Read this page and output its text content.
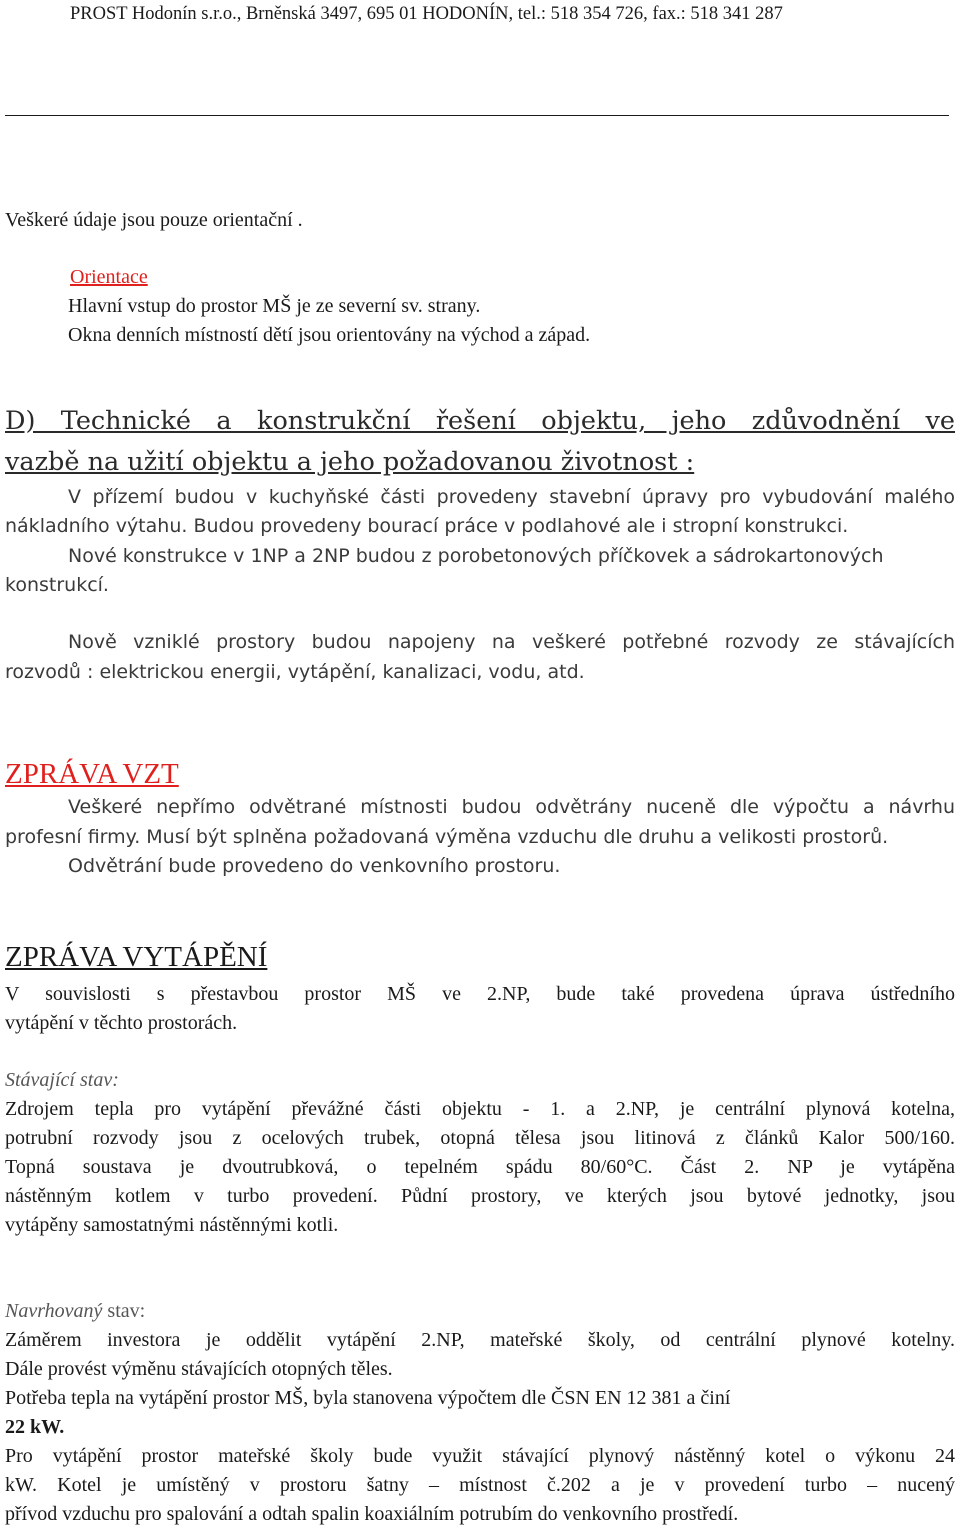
PROST Hodonín s.r.o., Brněnská 3497, 695 01 HODONÍN, tel.: 518 354 726, fax.: 518 341 287
Veškeré údaje jsou pouze orientační .
Orientace
Hlavní vstup do prostor MŠ je ze severní sv. strany.
Okna denních místností dětí jsou orientovány na východ a západ.
D) Technické a konstrukční řešení objektu, jeho zdůvodnění ve
vazbě na užití objektu a jeho požadovanou životnost :
V přízemí budou v kuchyňské části provedeny stavební úpravy pro vybudování malého
nákladního výtahu. Budou provedeny bourací práce v podlahové ale i stropní konstrukci.
Nové konstrukce v 1NP a 2NP budou z porobetonových příčkovek a sádrokartonových
konstrukcí.
Nově vzniklé prostory budou napojeny na veškeré potřebné rozvody ze stávajících
rozvodů : elektrickou energii, vytápění, kanalizaci, vodu, atd.
ZPRÁVA VZT
Veškeré nepřímo odvětrané místnosti budou odvětrány nuceně dle výpočtu a návrhu
profesní firmy. Musí být splněna požadovaná výměna vzduchu dle druhu a velikosti prostorů.
Odvětrání bude provedeno do venkovního prostoru.
ZPRÁVA VYTÁPĚNÍ
V souvislosti s přestavbou prostor MŠ ve 2.NP, bude také provedena úprava ústředního
vytápění v těchto prostorách.
Stávající stav:
Zdrojem tepla pro vytápění převážné části objektu - 1. a 2.NP, je centrální plynová kotelna,
potrubní rozvody jsou z ocelových trubek, otopná tělesa jsou litinová z článků Kalor 500/160.
Topná soustava je dvoutrubková, o tepelném spádu 80/60°C. Část 2. NP je vytápěna
nástěnným kotlem v turbo provedení. Půdní prostory, ve kterých jsou bytové jednotky, jsou
vytápěny samostatnými nástěnnými kotli.
Navrhovaný stav:
Záměrem investora je oddělit vytápění 2.NP, mateřské školy, od centrální plynové kotelny.
Dále provést výměnu stávajících otopných těles.
Potřeba tepla na vytápění prostor MŠ, byla stanovena výpočtem dle ČSN EN 12 381 a činí
22 kW.
Pro vytápění prostor mateřské školy bude využit stávající plynový nástěnný kotel o výkonu 24
kW. Kotel je umístěný v prostoru šatny – místnost č.202 a je v provedení turbo – nucený
přívod vzduchu pro spalování a odtah spalin koaxiálním potrubím do venkovního prostředí.
